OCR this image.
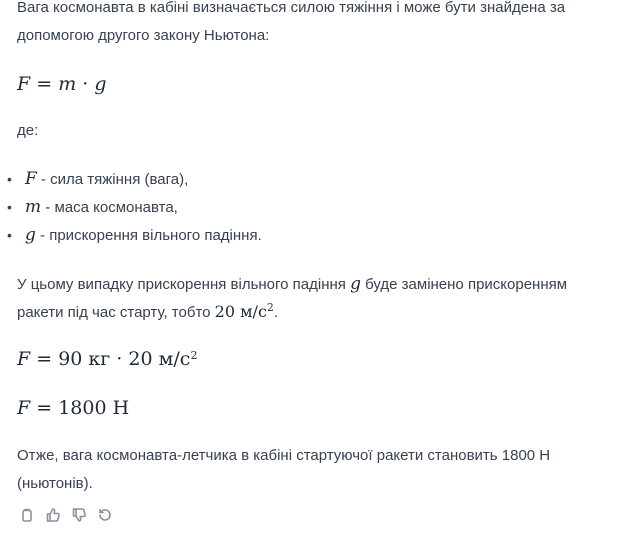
Вага космонавта в кабіні визначається силою тяжіння і може бути знайдена за

допомогою другого закону Ньютона:

F = m · g

де:

• F - сила тяжіння (вага),
• m - маса космонавта,
• g - прискорення вільного падіння.

У цьому випадку прискорення вільного падіння g буде замінено прискоренням

ракети під час старту, тобто 20 $м/с^2$.

F = 90 кг · 20 $м/с^2$
F = 1800 Н

Отже, вага космонавта-летчика в кабіні стартуючої ракети становить 1800 Н

(ньютонів).
